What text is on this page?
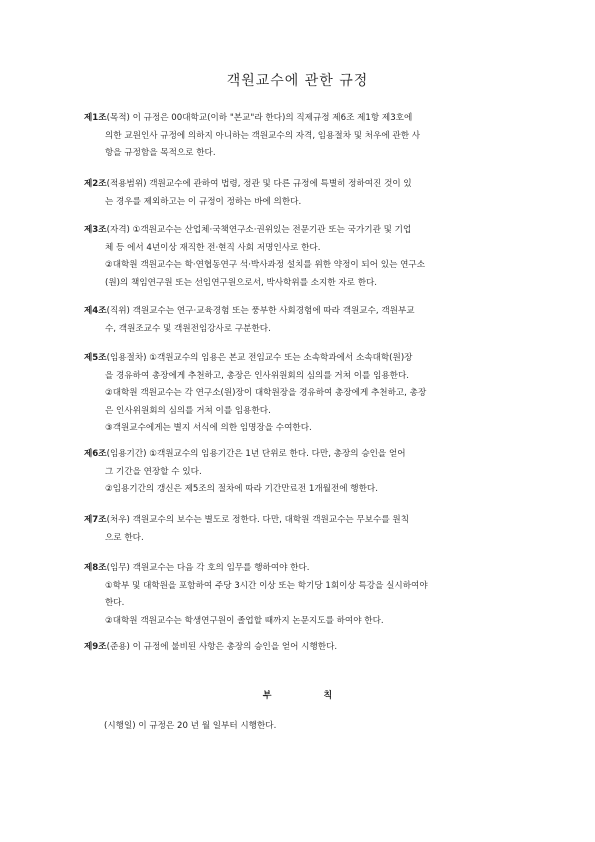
객원교수에 관한 규정
제1조(목적) 이 규정은 00대학교(이하 "본교"라 한다)의 직제규정 제6조 제1항 제3호에
의한 교원인사 규정에 의하지 아니하는 객원교수의 자격, 임용절차 및 처우에 관한 사
항을 규정함을 목적으로 한다.
제2조(적용범위) 객원교수에 관하여 법령, 정관 및 다른 규정에 특별히 정하여진 것이 있
는 경우를 제외하고는 이 규정이 정하는 바에 의한다.
제3조(자격) ①객원교수는 산업체·국책연구소·권위있는 전문기관 또는 국가기관 및 기업
체 등 에서 4년이상 재직한 전·현직 사회 저명인사로 한다.
②대학원 객원교수는 학·연협동연구 석·박사과정 설치를 위한 약정이 되어 있는 연구소
(원)의 책임연구원 또는 선임연구원으로서, 박사학위를 소지한 자로 한다.
제4조(직위) 객원교수는 연구·교육경험 또는 풍부한 사회경험에 따라 객원교수, 객원부교
수, 객원조교수 및 객원전임강사로 구분한다.
제5조(임용절차) ①객원교수의 임용은 본교 전임교수 또는 소속학과에서 소속대학(원)장
을 경유하여 총장에게 추천하고, 총장은 인사위원회의 심의를 거쳐 이를 임용한다.
②대학원 객원교수는 각 연구소(원)장이 대학원장을 경유하여 총장에게 추천하고, 총장
은 인사위원회의 심의를 거쳐 이를 임용한다.
③객원교수에게는 별지 서식에 의한 임명장을 수여한다.
제6조(임용기간) ①객원교수의 임용기간은 1년 단위로 한다. 다만, 총장의 승인을 얻어
그 기간을 연장할 수 있다.
②임용기간의 갱신은 제5조의 절차에 따라 기간만료전 1개월전에 행한다.
제7조(처우) 객원교수의 보수는 별도로 정한다. 다만, 대학원 객원교수는 무보수를 원칙
으로 한다.
제8조(임무) 객원교수는 다음 각 호의 임무를 행하여야 한다.
①학부 및 대학원을 포함하여 주당 3시간 이상 또는 학기당 1회이상 특강을 실시하여야
한다.
②대학원 객원교수는 학생연구원이 졸업할 때까지 논문지도를 하여야 한다.
제9조(준용) 이 규정에 불비된 사항은 총장의 승인을 얻어 시행한다.
부	칙
(시행일) 이 규정은 20 년 월 일부터 시행한다.
